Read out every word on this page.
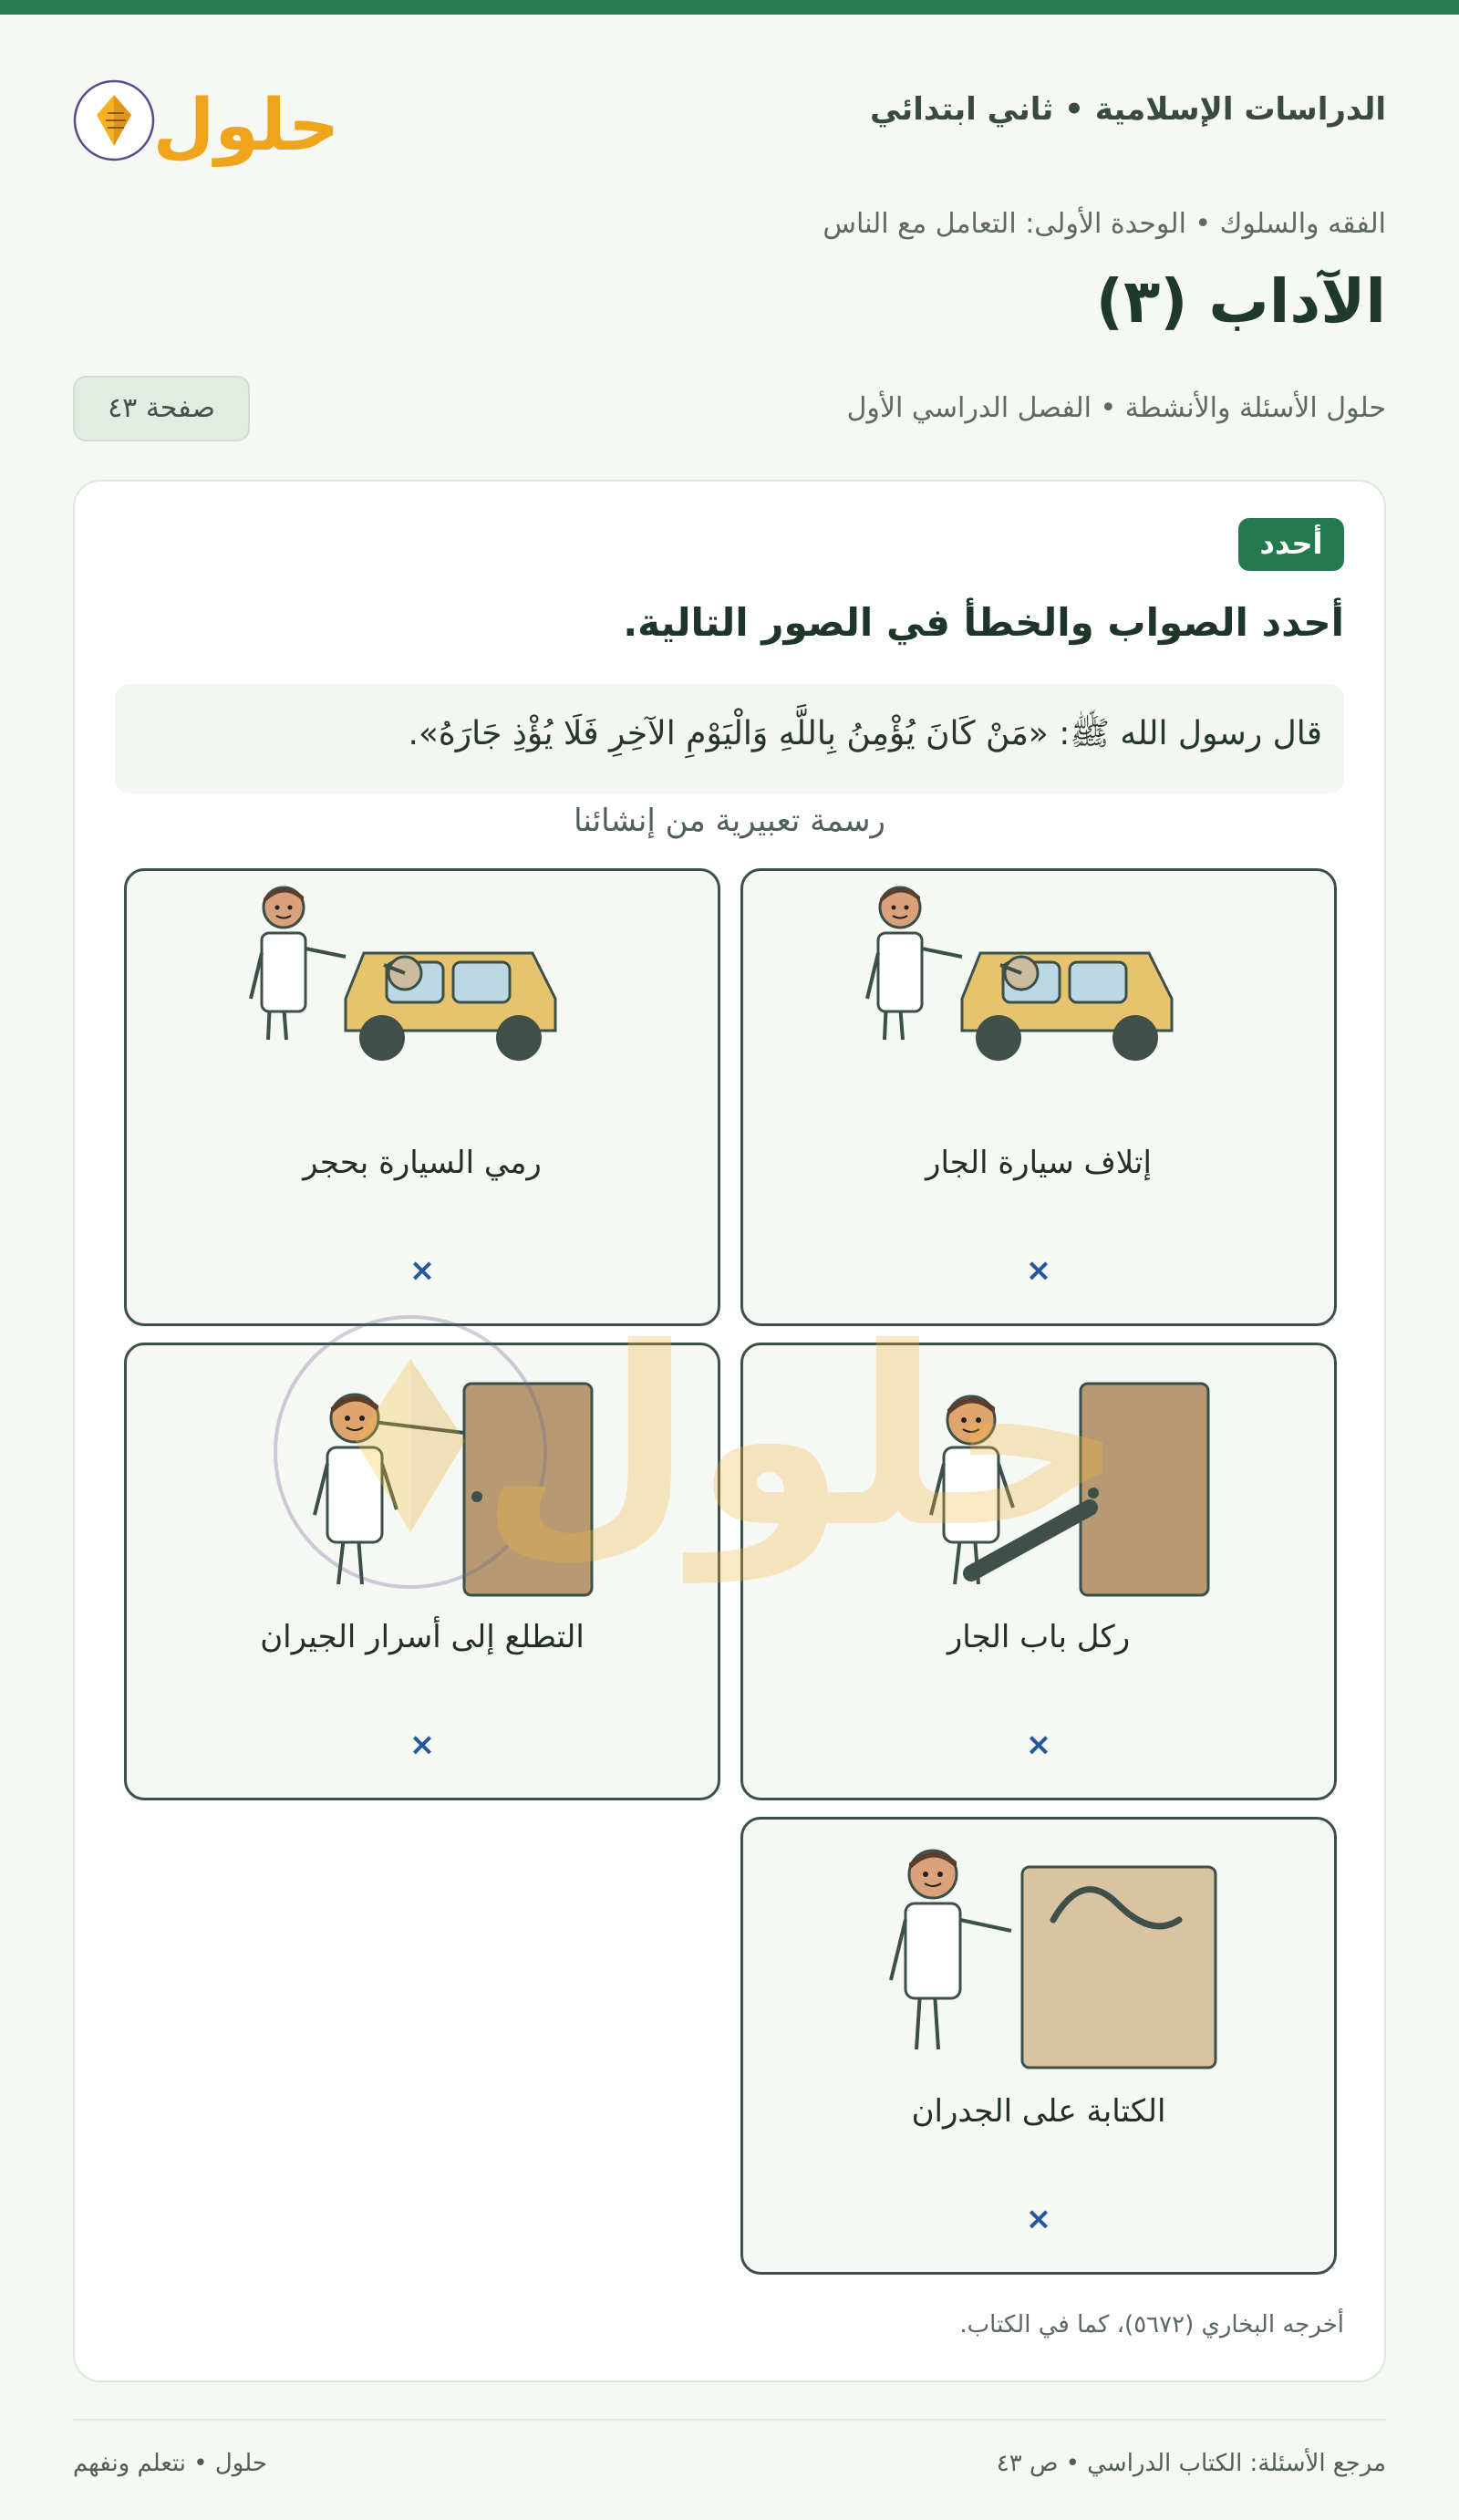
الدراسات الإسلامية • ثاني ابتدائي
حلول
الفقه والسلوك • الوحدة الأولى: التعامل مع الناس
الآداب (٣)
حلول الأسئلة والأنشطة • الفصل الدراسي الأول
صفحة ٤٣
أحدد
أحدد الصواب والخطأ في الصور التالية.
قال رسول الله ﷺ: «مَنْ كَانَ يُؤْمِنُ بِاللَّهِ وَالْيَوْمِ الآخِرِ فَلَا يُؤْذِ جَارَهُ».
رسمة تعبيرية من إنشائنا
إتلاف سيارة الجار
×
رمي السيارة بحجر
×
ركل باب الجار
×
التطلع إلى أسرار الجيران
×
الكتابة على الجدران
×
أخرجه البخاري (٥٦٧٢)، كما في الكتاب.
حلول
مرجع الأسئلة: الكتاب الدراسي • ص ٤٣
حلول • نتعلم ونفهم
